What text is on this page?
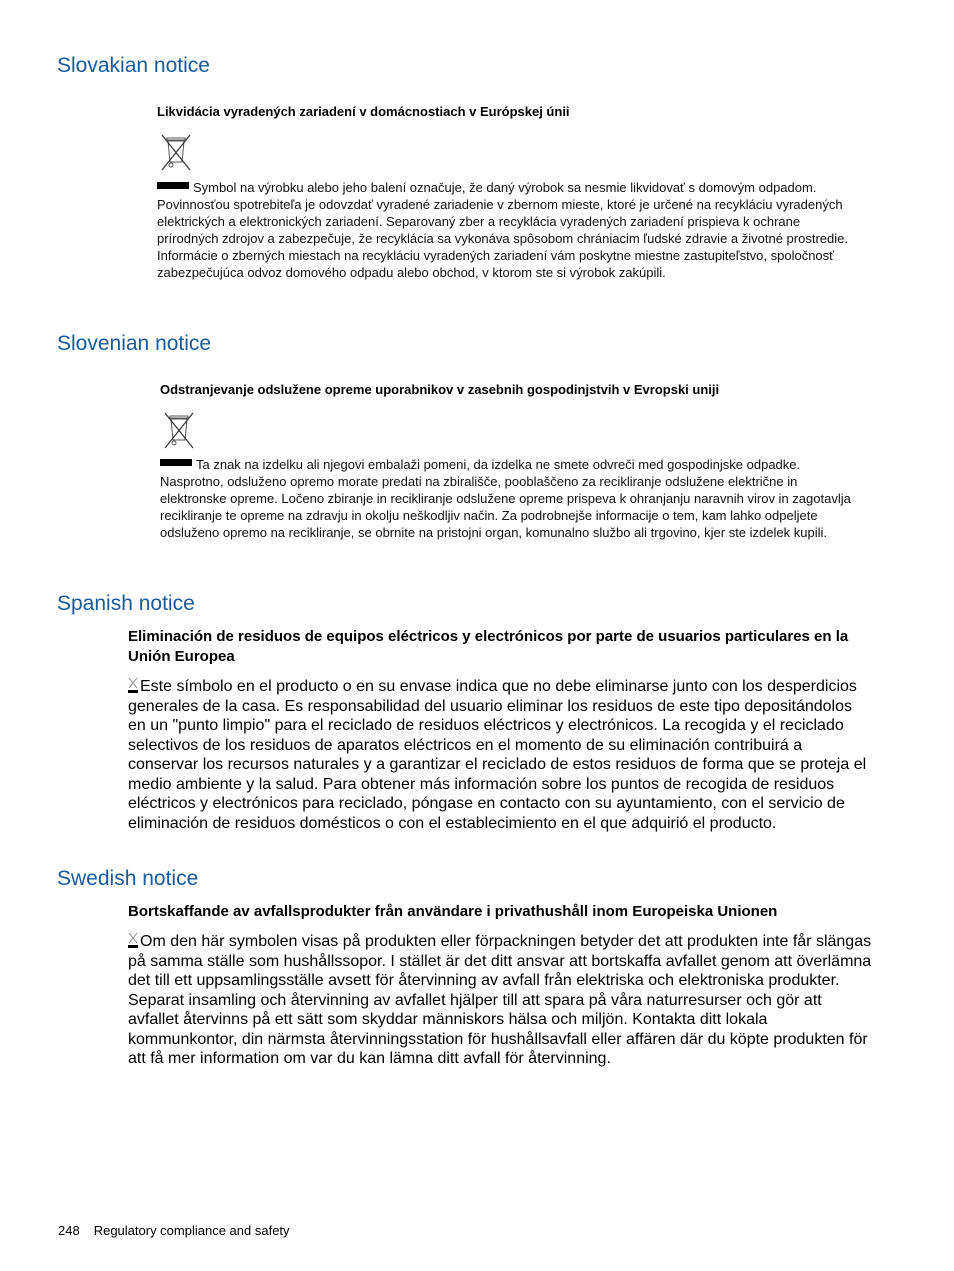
Slovakian notice

Likvidácia vyradených zariadení v domácnostiach v Európskej únii

Symbol na výrobku alebo jeho balení označuje, že daný výrobok sa nesmie likvidovať s domovým odpadom. Povinnosťou spotrebiteľa je odovzdať vyradené zariadenie v zbernom mieste, ktoré je určené na recykláciu vyradených elektrických a elektronických zariadení. Separovaný zber a recyklácia vyradených zariadení prispieva k ochrane prírodných zdrojov a zabezpečuje, že recyklácia sa vykonáva spôsobom chrániacim ľudské zdravie a životné prostredie. Informácie o zberných miestach na recykláciu vyradených zariadení vám poskytne miestne zastupiteľstvo, spoločnosť zabezpečujúca odvoz domového odpadu alebo obchod, v ktorom ste si výrobok zakúpili.

Slovenian notice

Odstranjevanje odslužene opreme uporabnikov v zasebnih gospodinjstvih v Evropski uniji

Ta znak na izdelku ali njegovi embalaži pomeni, da izdelka ne smete odvreči med gospodinjske odpadke. Nasprotno, odsluženo opremo morate predati na zbirališče, pooblaščeno za recikliranje odslužene električne in elektronske opreme. Ločeno zbiranje in recikliranje odslužene opreme prispeva k ohranjanju naravnih virov in zagotavlja recikliranje te opreme na zdravju in okolju neškodljiv način. Za podrobnejše informacije o tem, kam lahko odpeljete odsluženo opremo na recikliranje, se obrnite na pristojni organ, komunalno službo ali trgovino, kjer ste izdelek kupili.

Spanish notice

Eliminación de residuos de equipos eléctricos y electrónicos por parte de usuarios particulares en la Unión Europea

Este símbolo en el producto o en su envase indica que no debe eliminarse junto con los desperdicios generales de la casa. Es responsabilidad del usuario eliminar los residuos de este tipo depositándolos en un "punto limpio" para el reciclado de residuos eléctricos y electrónicos. La recogida y el reciclado selectivos de los residuos de aparatos eléctricos en el momento de su eliminación contribuirá a conservar los recursos naturales y a garantizar el reciclado de estos residuos de forma que se proteja el medio ambiente y la salud. Para obtener más información sobre los puntos de recogida de residuos eléctricos y electrónicos para reciclado, póngase en contacto con su ayuntamiento, con el servicio de eliminación de residuos domésticos o con el establecimiento en el que adquirió el producto.

Swedish notice

Bortskaffande av avfallsprodukter från användare i privathushåll inom Europeiska Unionen

Om den här symbolen visas på produkten eller förpackningen betyder det att produkten inte får slängas på samma ställe som hushållssopor. I stället är det ditt ansvar att bortskaffa avfallet genom att överlämna det till ett uppsamlingsställe avsett för återvinning av avfall från elektriska och elektroniska produkter. Separat insamling och återvinning av avfallet hjälper till att spara på våra naturresurser och gör att avfallet återvinns på ett sätt som skyddar människors hälsa och miljön. Kontakta ditt lokala kommunkontor, din närmsta återvinningsstation för hushållsavfall eller affären där du köpte produkten för att få mer information om var du kan lämna ditt avfall för återvinning.

248 Regulatory compliance and safety
